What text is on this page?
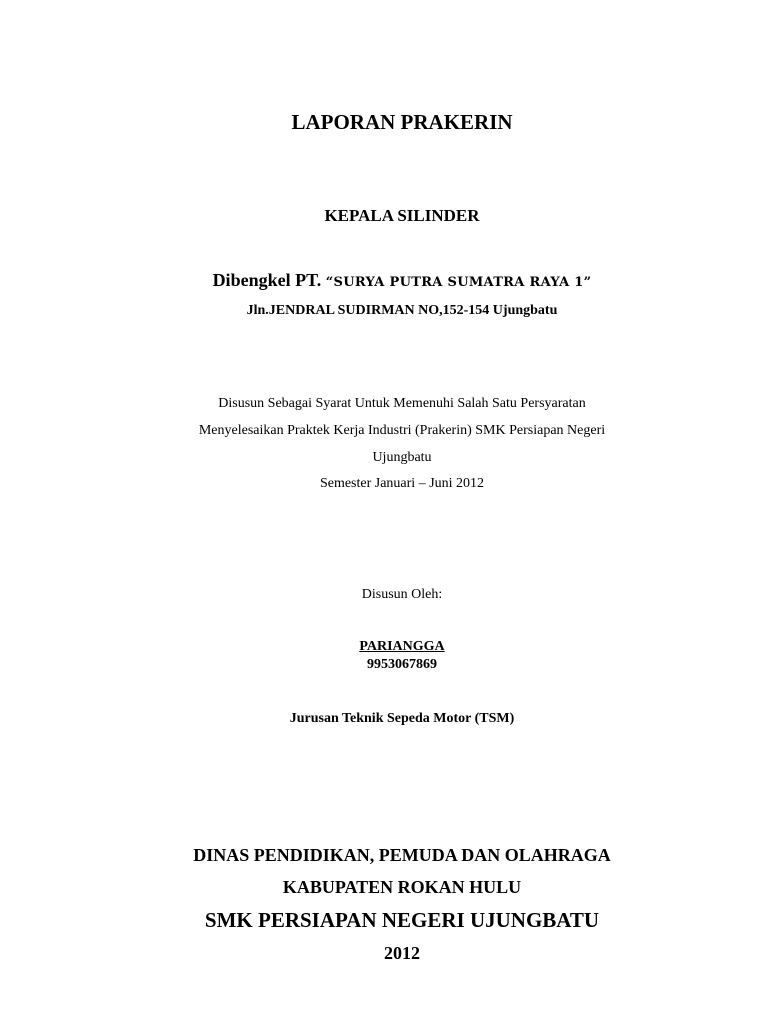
LAPORAN PRAKERIN
KEPALA SILINDER
Dibengkel PT. “SURYA PUTRA SUMATRA RAYA 1”
Jln.JENDRAL SUDIRMAN NO,152-154 Ujungbatu
Disusun Sebagai Syarat Untuk Memenuhi Salah Satu Persyaratan
Menyelesaikan Praktek Kerja Industri (Prakerin) SMK Persiapan Negeri
Ujungbatu
Semester Januari – Juni 2012
Disusun Oleh:
PARIANGGA
9953067869
Jurusan Teknik Sepeda Motor (TSM)
DINAS PENDIDIKAN, PEMUDA DAN OLAHRAGA
KABUPATEN ROKAN HULU
SMK PERSIAPAN NEGERI UJUNGBATU
2012
